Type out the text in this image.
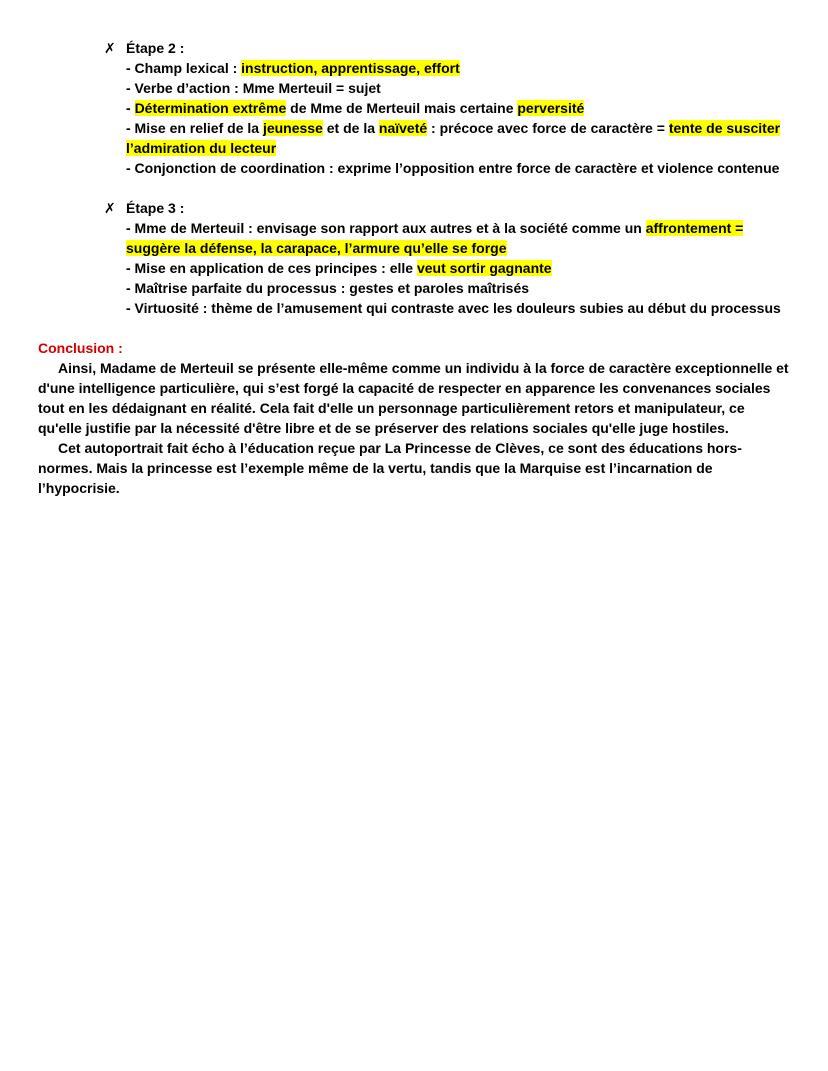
✗ Étape 2 :
- Champ lexical : instruction, apprentissage, effort
- Verbe d’action : Mme Merteuil = sujet
- Détermination extrême de Mme de Merteuil mais certaine perversité
- Mise en relief de la jeunesse et de la naïveté : précoce avec force de caractère = tente de susciter
l’admiration du lecteur
- Conjonction de coordination : exprime l’opposition entre force de caractère et violence contenue
✗ Étape 3 :
- Mme de Merteuil : envisage son rapport aux autres et à la société comme un affrontement =
suggère la défense, la carapace, l’armure qu’elle se forge
- Mise en application de ces principes : elle veut sortir gagnante
- Maîtrise parfaite du processus : gestes et paroles maîtrisés
- Virtuosité : thème de l’amusement qui contraste avec les douleurs subies au début du processus
Conclusion :

Ainsi, Madame de Merteuil se présente elle-même comme un individu à la force de caractère exceptionnelle et d'une intelligence particulière, qui s’est forgé la capacité de respecter en apparence les convenances sociales tout en les dédaignant en réalité. Cela fait d'elle un personnage particulièrement retors et manipulateur, ce qu'elle justifie par la nécessité d'être libre et de se préserver des relations sociales qu'elle juge hostiles.

Cet autoportrait fait écho à l’éducation reçue par La Princesse de Clèves, ce sont des éducations hors-normes. Mais la princesse est l’exemple même de la vertu, tandis que la Marquise est l’incarnation de l’hypocrisie.
